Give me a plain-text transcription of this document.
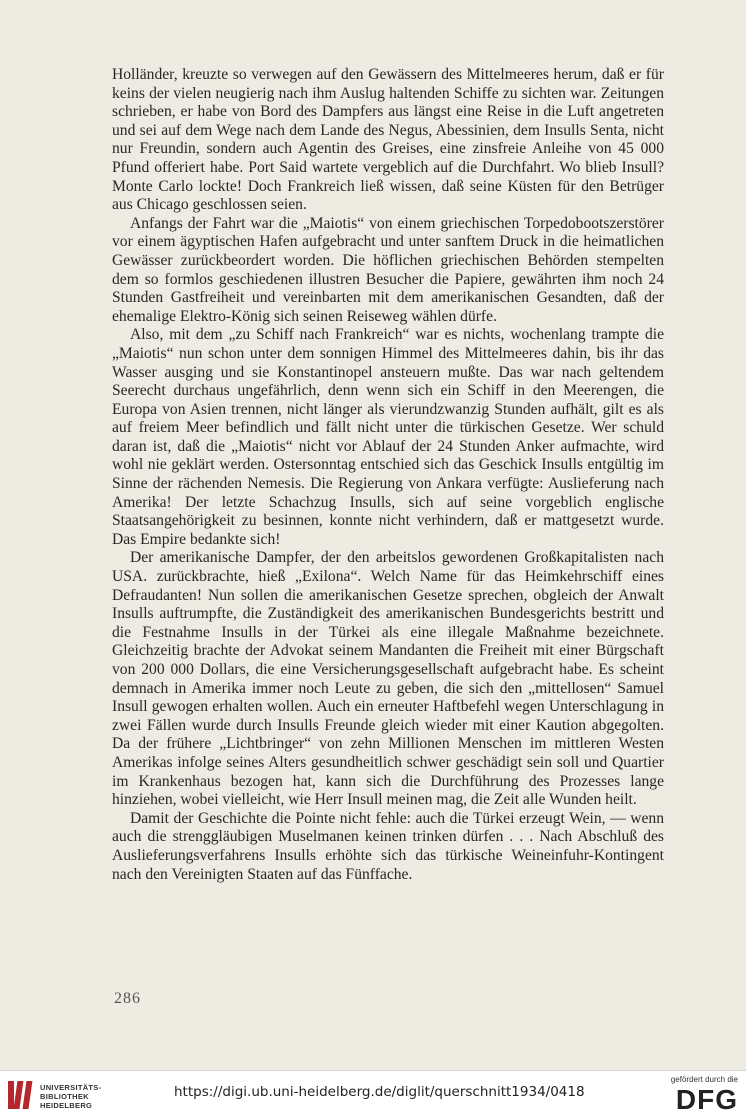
Holländer, kreuzte so verwegen auf den Gewässern des Mittelmeeres herum, daß er für keins der vielen neugierig nach ihm Auslug haltenden Schiffe zu sichten war. Zeitungen schrieben, er habe von Bord des Dampfers aus längst eine Reise in die Luft angetreten und sei auf dem Wege nach dem Lande des Negus, Abessinien, dem Insulls Senta, nicht nur Freundin, sondern auch Agentin des Greises, eine zinsfreie Anleihe von 45 000 Pfund offeriert habe. Port Said wartete vergeblich auf die Durchfahrt. Wo blieb Insull? Monte Carlo lockte! Doch Frankreich ließ wissen, daß seine Küsten für den Betrüger aus Chicago geschlossen seien.

Anfangs der Fahrt war die „Maiotis“ von einem griechischen Torpedobootszerstörer vor einem ägyptischen Hafen aufgebracht und unter sanftem Druck in die heimatlichen Gewässer zurückbeordert worden. Die höflichen griechischen Behörden stempelten dem so formlos geschiedenen illustren Besucher die Papiere, gewährten ihm noch 24 Stunden Gastfreiheit und vereinbarten mit dem amerikanischen Gesandten, daß der ehemalige Elektro-König sich seinen Reiseweg wählen dürfe.

Also, mit dem „zu Schiff nach Frankreich“ war es nichts, wochenlang trampte die „Maiotis“ nun schon unter dem sonnigen Himmel des Mittelmeeres dahin, bis ihr das Wasser ausging und sie Konstantinopel ansteuern mußte. Das war nach geltendem Seerecht durchaus ungefährlich, denn wenn sich ein Schiff in den Meerengen, die Europa von Asien trennen, nicht länger als vierundzwanzig Stunden aufhält, gilt es als auf freiem Meer befindlich und fällt nicht unter die türkischen Gesetze. Wer schuld daran ist, daß die „Maiotis“ nicht vor Ablauf der 24 Stunden Anker aufmachte, wird wohl nie geklärt werden. Ostersonntag entschied sich das Geschick Insulls entgültig im Sinne der rächenden Nemesis. Die Regierung von Ankara verfügte: Auslieferung nach Amerika! Der letzte Schachzug Insulls, sich auf seine vorgeblich englische Staatsangehörigkeit zu besinnen, konnte nicht verhindern, daß er mattgesetzt wurde. Das Empire bedankte sich!

Der amerikanische Dampfer, der den arbeitslos gewordenen Großkapitalisten nach USA. zurückbrachte, hieß „Exilona“. Welch Name für das Heimkehrschiff eines Defraudanten! Nun sollen die amerikanischen Gesetze sprechen, obgleich der Anwalt Insulls auftrumpfte, die Zuständigkeit des amerikanischen Bundesgerichts bestritt und die Festnahme Insulls in der Türkei als eine illegale Maßnahme bezeichnete. Gleichzeitig brachte der Advokat seinem Mandanten die Freiheit mit einer Bürgschaft von 200 000 Dollars, die eine Versicherungsgesellschaft aufgebracht habe. Es scheint demnach in Amerika immer noch Leute zu geben, die sich den „mittellosen“ Samuel Insull gewogen erhalten wollen. Auch ein erneuter Haftbefehl wegen Unterschlagung in zwei Fällen wurde durch Insulls Freunde gleich wieder mit einer Kaution abgegolten. Da der frühere „Lichtbringer“ von zehn Millionen Menschen im mittleren Westen Amerikas infolge seines Alters gesundheitlich schwer geschädigt sein soll und Quartier im Krankenhaus bezogen hat, kann sich die Durchführung des Prozesses lange hinziehen, wobei vielleicht, wie Herr Insull meinen mag, die Zeit alle Wunden heilt.

Damit der Geschichte die Pointe nicht fehle: auch die Türkei erzeugt Wein, — wenn auch die strenggläubigen Muselmanen keinen trinken dürfen . . . Nach Abschluß des Auslieferungsverfahrens Insulls erhöhte sich das türkische Weineinfuhr-Kontingent nach den Vereinigten Staaten auf das Fünffache.

286
UNIVERSITÄTS-
BIBLIOTHEK
HEIDELBERG
https://digi.ub.uni-heidelberg.de/diglit/querschnitt1934/0418
gefördert durch die
DFG
